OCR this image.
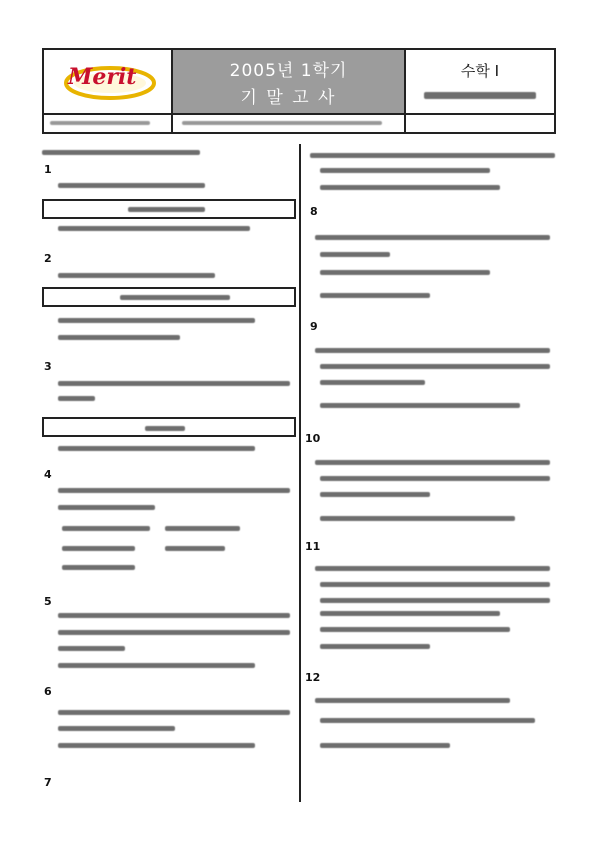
Merit	2005년 1학기
기 말 고 사
수학 I
1
2
3
4
5
6
7
8
9
10
11
12
